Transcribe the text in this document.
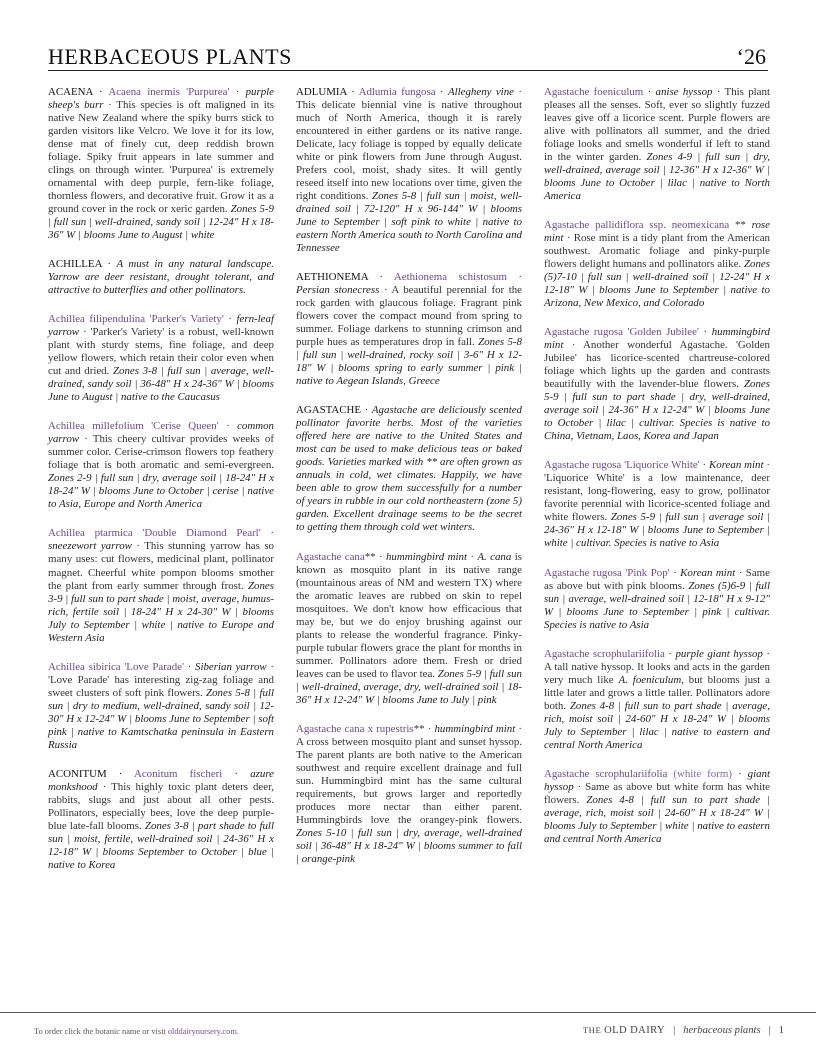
HERBACEOUS PLANTS	‘26

ACAENA · Acaena inermis 'Purpurea' · purple sheep's burr · This species is oft maligned in its native New Zealand where the spiky burrs stick to garden visitors like Velcro. We love it for its low, dense mat of finely cut, deep reddish brown foliage. Spiky fruit appears in late summer and clings on through winter. 'Purpurea' is extremely ornamental with deep purple, fern-like foliage, thornless flowers, and decorative fruit. Grow it as a ground cover in the rock or xeric garden. Zones 5-9 | full sun | well-drained, sandy soil | 12-24" H x 18-36" W | blooms June to August | white

ACHILLEA · A must in any natural landscape. Yarrow are deer resistant, drought tolerant, and attractive to butterflies and other pollinators.

Achillea filipendulina 'Parker's Variety' · fern-leaf yarrow · 'Parker's Variety' is a robust, well-known plant with sturdy stems, fine foliage, and deep yellow flowers, which retain their color even when cut and dried. Zones 3-8 | full sun | average, well-drained, sandy soil | 36-48" H x 24-36" W | blooms June to August | native to the Caucasus

Achillea millefolium 'Cerise Queen' · common yarrow · This cheery cultivar provides weeks of summer color. Cerise-crimson flowers top feathery foliage that is both aromatic and semi-evergreen. Zones 2-9 | full sun | dry, average soil | 18-24" H x 18-24" W | blooms June to October | cerise | native to Asia, Europe and North America

Achillea ptarmica 'Double Diamond Pearl' · sneezewort yarrow · This stunning yarrow has so many uses: cut flowers, medicinal plant, pollinator magnet. Cheerful white pompon blooms smother the plant from early summer through frost. Zones 3-9 | full sun to part shade | moist, average, humus-rich, fertile soil | 18-24" H x 24-30" W | blooms July to September | white | native to Europe and Western Asia

Achillea sibirica 'Love Parade' · Siberian yarrow · 'Love Parade' has interesting zig-zag foliage and sweet clusters of soft pink flowers. Zones 5-8 | full sun | dry to medium, well-drained, sandy soil | 12-30" H x 12-24" W | blooms June to September | soft pink | native to Kamtschatka peninsula in Eastern Russia

ACONITUM · Aconitum fischeri · azure monkshood · This highly toxic plant deters deer, rabbits, slugs and just about all other pests. Pollinators, especially bees, love the deep purple-blue late-fall blooms. Zones 3-8 | part shade to full sun | moist, fertile, well-drained soil | 24-36" H x 12-18" W | blooms September to October | blue | native to Korea

ADLUMIA · Adlumia fungosa · Allegheny vine · This delicate biennial vine is native throughout much of North America, though it is rarely encountered in either gardens or its native range. Delicate, lacy foliage is topped by equally delicate white or pink flowers from June through August. Prefers cool, moist, shady sites. It will gently reseed itself into new locations over time, given the right conditions. Zones 5-8 | full sun | moist, well-drained soil | 72-120" H x 96-144" W | blooms June to September | soft pink to white | native to eastern North America south to North Carolina and Tennessee

AETHIONEMA · Aethionema schistosum · Persian stonecress · A beautiful perennial for the rock garden with glaucous foliage. Fragrant pink flowers cover the compact mound from spring to summer. Foliage darkens to stunning crimson and purple hues as temperatures drop in fall. Zones 5-8 | full sun | well-drained, rocky soil | 3-6" H x 12-18" W | blooms spring to early summer | pink | native to Aegean Islands, Greece

AGASTACHE · Agastache are deliciously scented pollinator favorite herbs. Most of the varieties offered here are native to the United States and most can be used to make delicious teas or baked goods. Varieties marked with ** are often grown as annuals in cold, wet climates. Happily, we have been able to grow them successfully for a number of years in rubble in our cold northeastern (zone 5) garden. Excellent drainage seems to be the secret to getting them through cold wet winters.

Agastache cana** · hummingbird mint · A. cana is known as mosquito plant in its native range (mountainous areas of NM and western TX) where the aromatic leaves are rubbed on skin to repel mosquitoes. We don't know how efficacious that may be, but we do enjoy brushing against our plants to release the wonderful fragrance. Pinky-purple tubular flowers grace the plant for months in summer. Pollinators adore them. Fresh or dried leaves can be used to flavor tea. Zones 5-9 | full sun | well-drained, average, dry, well-drained soil | 18-36" H x 12-24" W | blooms June to July | pink

Agastache cana x rupestris** · hummingbird mint · A cross between mosquito plant and sunset hyssop. The parent plants are both native to the American southwest and require excellent drainage and full sun. Hummingbird mint has the same cultural requirements, but grows larger and reportedly produces more nectar than either parent. Hummingbirds love the orangey-pink flowers. Zones 5-10 | full sun | dry, average, well-drained soil | 36-48" H x 18-24" W | blooms summer to fall | orange-pink

Agastache foeniculum · anise hyssop · This plant pleases all the senses. Soft, ever so slightly fuzzed leaves give off a licorice scent. Purple flowers are alive with pollinators all summer, and the dried foliage looks and smells wonderful if left to stand in the winter garden. Zones 4-9 | full sun | dry, well-drained, average soil | 12-36" H x 12-36" W | blooms June to October | lilac | native to North America

Agastache pallidiflora ssp. neomexicana ** rose mint · Rose mint is a tidy plant from the American southwest. Aromatic foliage and pinky-purple flowers delight humans and pollinators alike. Zones (5)7-10 | full sun | well-drained soil | 12-24" H x 12-18" W | blooms June to September | native to Arizona, New Mexico, and Colorado

Agastache rugosa 'Golden Jubilee' · hummingbird mint · Another wonderful Agastache. 'Golden Jubilee' has licorice-scented chartreuse-colored foliage which lights up the garden and contrasts beautifully with the lavender-blue flowers. Zones 5-9 | full sun to part shade | dry, well-drained, average soil | 24-36" H x 12-24" W | blooms June to October | lilac | cultivar. Species is native to China, Vietnam, Laos, Korea and Japan

Agastache rugosa 'Liquorice White' · Korean mint · 'Liquorice White' is a low maintenance, deer resistant, long-flowering, easy to grow, pollinator favorite perennial with licorice-scented foliage and white flowers. Zones 5-9 | full sun | average soil | 24-36" H x 12-18" W | blooms June to September | white | cultivar. Species is native to Asia

Agastache rugosa 'Pink Pop' · Korean mint · Same as above but with pink blooms. Zones (5)6-9 | full sun | average, well-drained soil | 12-18" H x 9-12" W | blooms June to September | pink | cultivar. Species is native to Asia

Agastache scrophulariifolia · purple giant hyssop · A tall native hyssop. It looks and acts in the garden very much like A. foeniculum, but blooms just a little later and grows a little taller. Pollinators adore both. Zones 4-8 | full sun to part shade | average, rich, moist soil | 24-60" H x 18-24" W | blooms July to September | lilac | native to eastern and central North America

Agastache scrophulariifolia (white form) · giant hyssop · Same as above but white form has white flowers. Zones 4-8 | full sun to part shade | average, rich, moist soil | 24-60" H x 18-24" W | blooms July to September | white | native to eastern and central North America

To order click the botanic name or visit olddairynursery.com.	THE OLD DAIRY | herbaceous plants | 1
